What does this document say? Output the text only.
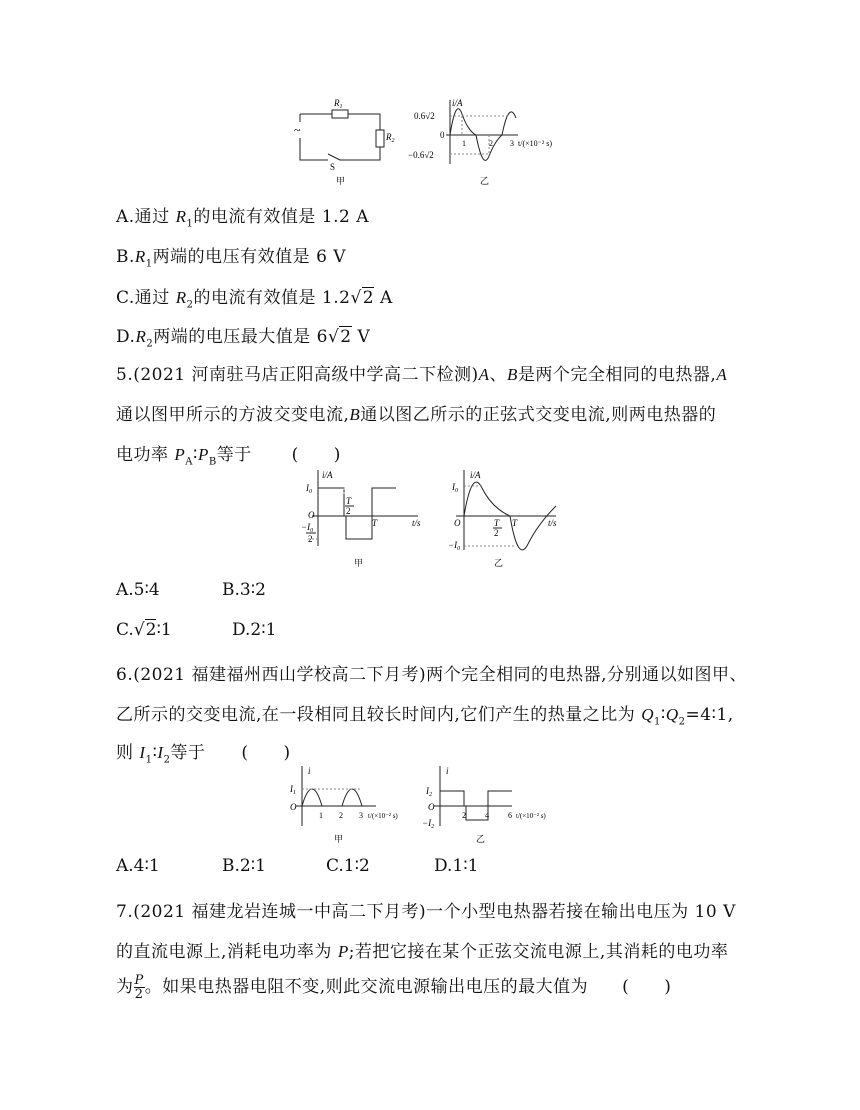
~
$R_1$
$R_2$
S
甲
i/A
0.6√2
0
−0.6√2
1	2 3 t/(×10⁻² s)
乙
A.通过 $R_1$的电流有效值是 1.2 A
$B.R_1$两端的电压有效值是 6 V
C.通过 $R_2$的电流有效值是 1.2√2 A
$D.R_2$两端的电压最大值是 6√2 V
5.(2021 河南驻马店正阳高级中学高二下检测)A、B是两个完全相同的电热器,A
通以图甲所示的方波交变电流,B通以图乙所示的正弦式交变电流,则两电热器的
电功率 $P_A∶P_B$等于 (　　)
i/A
$I_0$
O
T
2
T	t/s
$-I_0$
2
甲
i/A
$I_0$
O	T
2
T	t/s
$-I_0$
乙
A.5∶4	B.3∶2
C.√2∶1	D.2∶1
6.(2021 福建福州西山学校高二下月考)两个完全相同的电热器,分别通以如图甲、
乙所示的交变电流,在一段相同且较长时间内,它们产生的热量之比为 $Q_1∶Q_2=4∶1$,
则 $I_1∶I_2$等于 (　　)
i
$I_1$
O
1 2 3 t/(×10⁻² s)
甲
i
$I_2$
O
$-I_2$
2 4 6 t/(×10⁻² s)
乙
A.4∶1	B.2∶1	C.1∶2	D.1∶1
7.(2021 福建龙岩连城一中高二下月考)一个小型电热器若接在输出电压为 10 V
的直流电源上,消耗电功率为 P;若把它接在某个正弦交流电源上,其消耗的电功率
为 $\frac{P}{2}$ 。如果电热器电阻不变,则此交流电源输出电压的最大值为 (　　)
